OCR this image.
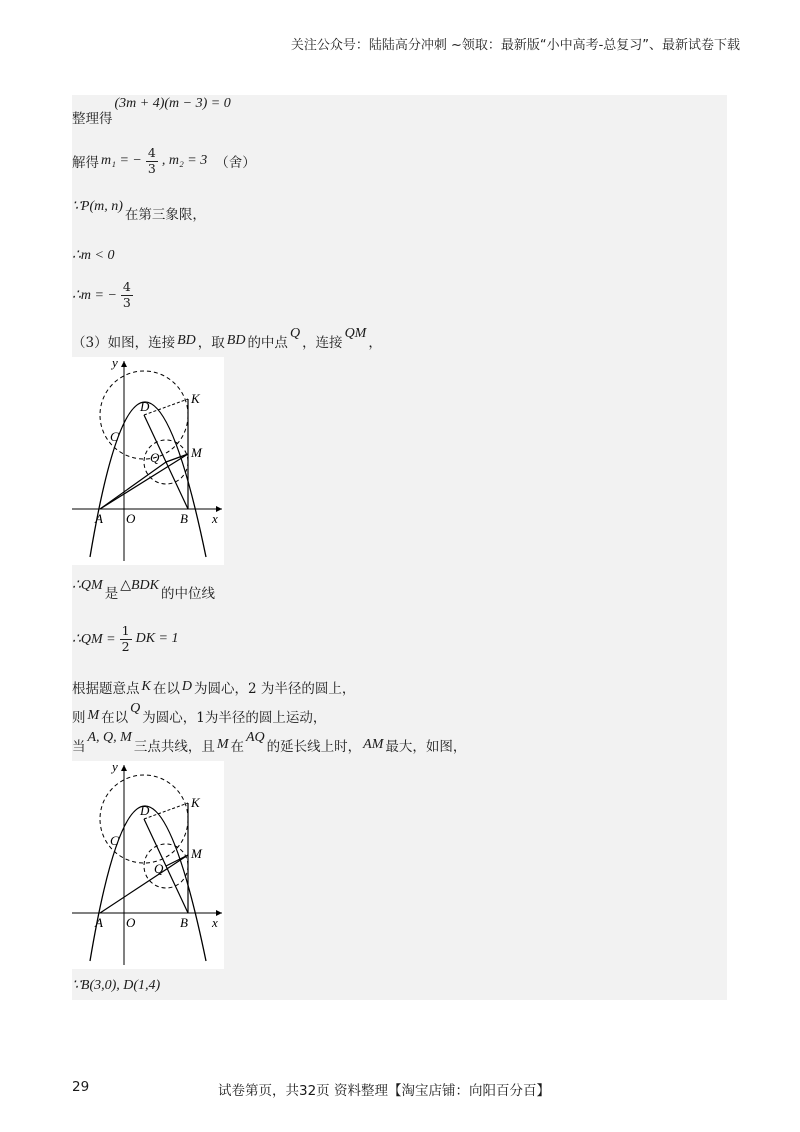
关注公众号：陆陆高分冲刺 ~领取：最新版“小中高考-总复习”、最新试卷下载
整理得
(3m + 4)(m − 3) = 0
解得 m₁ = − $\frac{4}{3}$ , m₂ = 3 （舍）
∵P(m, n)
在第三象限，
∴m < 0
∴m = − $\frac{4}{3}$
（3）如图，连接 BD ，取 BD 的中点
Q
，连接
QM
，
y
x
A O	B
C
D
K
M
Q
∴QM
是
△BDK
的中位线
∴QM = $\frac{1}{2}$ DK = 1
根据题意点 K 在以 D 为圆心，2 为半径的圆上，
则 M 在以
Q
为圆心，1为半径的圆上运动，
当
A, Q, M
三点共线，且 M 在
AQ
的延长线上时， AM 最大，如图，
y
x
A O	B
C
D
K
M
Q
∵B(3,0), D(1,4)
29	试卷第页，共32页 资料整理【淘宝店铺：向阳百分百】
